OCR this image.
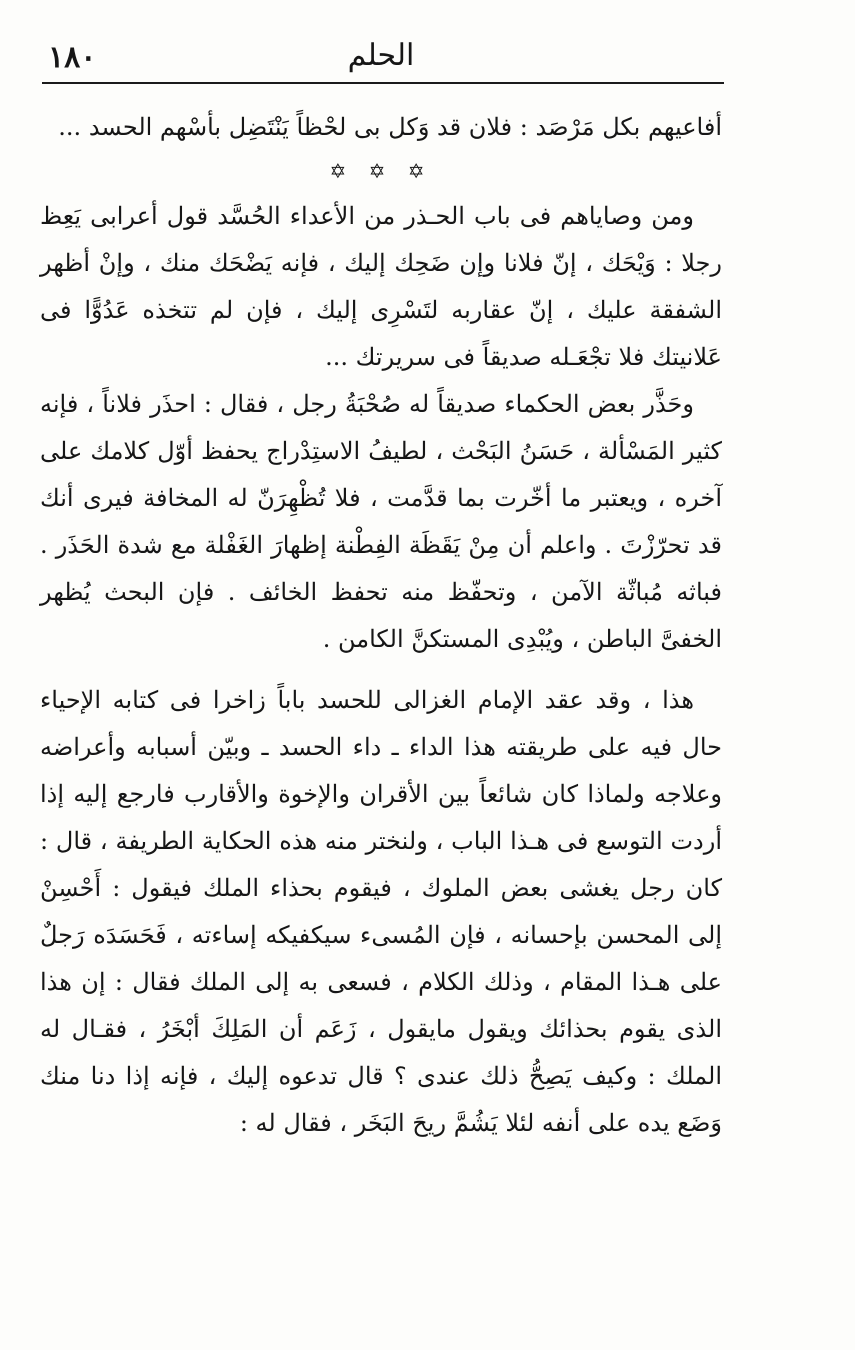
١٨٠	الحلم

أفاعيهم بكل مَرْصَد : فلان قد وَكل بى لحْظاً يَنْتَضِل بأسْهم الحسد ...

✡ ✡ ✡

ومن وصاياهم فى باب الحـذر من الأعداء الحُسَّد قول أعرابى يَعِظ رجلا : وَيْحَك ، إنّ فلانا وإن ضَحِك إليك ، فإنه يَضْحَك منك ، وإنْ أظهر الشفقة عليك ، إنّ عقاربه لتَسْرِى إليك ، فإن لم تتخذه عَدُوًّا فى عَلانيتك فلا تجْعَـله صديقاً فى سريرتك ...

وحَذَّر بعض الحكماء صديقاً له صُحْبَةُ رجل ، فقال : احذَر فلاناً ، فإنه كثير المَسْألة ، حَسَنُ البَحْث ، لطيفُ الاستِدْراج يحفظ أوّل كلامك على آخره ، ويعتبر ما أخّرت بما قدَّمت ، فلا تُظْهِرَنّ له المخافة فيرى أنك قد تحرّزْتَ . واعلم أن مِنْ يَقَظَة الفِطْنة إظهارَ الغَفْلة مع شدة الحَذَر . فباثه مُباثّة الآمن ، وتحفّظ منه تحفظ الخائف . فإن البحث يُظهر الخفىَّ الباطن ، ويُبْدِى المستكنَّ الكامن .

هذا ، وقد عقد الإمام الغزالى للحسد باباً زاخرا فى كتابه الإحياء حال فيه على طريقته هذا الداء ـ داء الحسد ـ وبيّن أسبابه وأعراضه وعلاجه ولماذا كان شائعاً بين الأقران والإخوة والأقارب فارجع إليه إذا أردت التوسع فى هـذا الباب ، ولنختر منه هذه الحكاية الطريفة ، قال : كان رجل يغشى بعض الملوك ، فيقوم بحذاء الملك فيقول : أَحْسِنْ إلى المحسن بإحسانه ، فإن المُسىء سيكفيكه إساءته ، فَحَسَدَه رَجلٌ على هـذا المقام ، وذلك الكلام ، فسعى به إلى الملك فقال : إن هذا الذى يقوم بحذائك ويقول مايقول ، زَعَم أن المَلِكَ أبْخَرُ ، فقـال له الملك : وكيف يَصِحُّ ذلك عندى ؟ قال تدعوه إليك ، فإنه إذا دنا منك وَضَع يده على أنفه لئلا يَشُمَّ ريحَ البَخَر ، فقال له :
